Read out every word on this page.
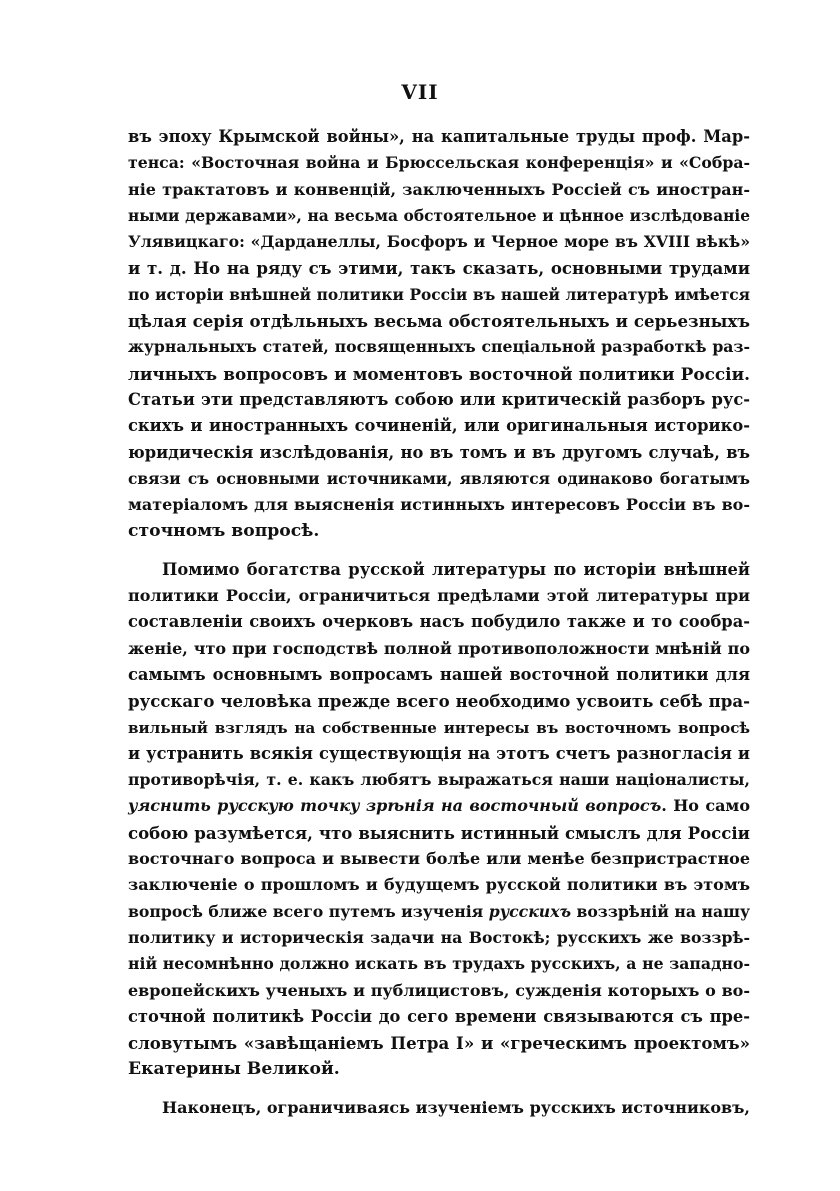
VII
въ эпоху Крымской войны», на капитальные труды проф. Мар-
тенса: «Восточная война и Брюссельская конференція» и «Собра-
ніе трактатовъ и конвенцій, заключенныхъ Россіей съ иностран-
ными державами», на весьма обстоятельное и цѣнное изслѣдованіе
Улявицкаго: «Дарданеллы, Босфоръ и Черное море въ XVIII вѣкѣ»
и т. д. Но на ряду съ этими, такъ сказать, основными трудами
по исторіи внѣшней политики Россіи въ нашей литературѣ имѣется
цѣлая серія отдѣльныхъ весьма обстоятельныхъ и серьезныхъ
журнальныхъ статей, посвященныхъ спеціальной разработкѣ раз-
личныхъ вопросовъ и моментовъ восточной политики Россіи.
Статьи эти представляютъ собою или критическій разборъ рус-
скихъ и иностранныхъ сочиненій, или оригинальныя историко-
юридическія изслѣдованія, но въ томъ и въ другомъ случаѣ, въ
связи съ основными источниками, являются одинаково богатымъ
матеріаломъ для выясненія истинныхъ интересовъ Россіи въ во-
сточномъ вопросѣ.
Помимо богатства русской литературы по исторіи внѣшней
политики Россіи, ограничиться предѣлами этой литературы при
составленіи своихъ очерковъ насъ побудило также и то сообра-
женіе, что при господствѣ полной противоположности мнѣній по
самымъ основнымъ вопросамъ нашей восточной политики для
русскаго человѣка прежде всего необходимо усвоить себѣ пра-
вильный взглядъ на собственные интересы въ восточномъ вопросѣ
и устранить всякія существующія на этотъ счетъ разногласія и
противорѣчія, т. е. какъ любятъ выражаться наши націоналисты,
уяснить русскую точку зрѣнія на восточный вопросъ. Но само
собою разумѣется, что выяснить истинный смыслъ для Россіи
восточнаго вопроса и вывести болѣе или менѣе безпристрастное
заключеніе о прошломъ и будущемъ русской политики въ этомъ
вопросѣ ближе всего путемъ изученія русскихъ воззрѣній на нашу
политику и историческія задачи на Востокѣ; русскихъ же воззрѣ-
ній несомнѣнно должно искать въ трудахъ русскихъ, а не западно-
европейскихъ ученыхъ и публицистовъ, сужденія которыхъ о во-
сточной политикѣ Россіи до сего времени связываются съ пре-
словутымъ «завѣщаніемъ Петра I» и «греческимъ проектомъ»
Екатерины Великой.
Наконецъ, ограничиваясь изученіемъ русскихъ источниковъ,
